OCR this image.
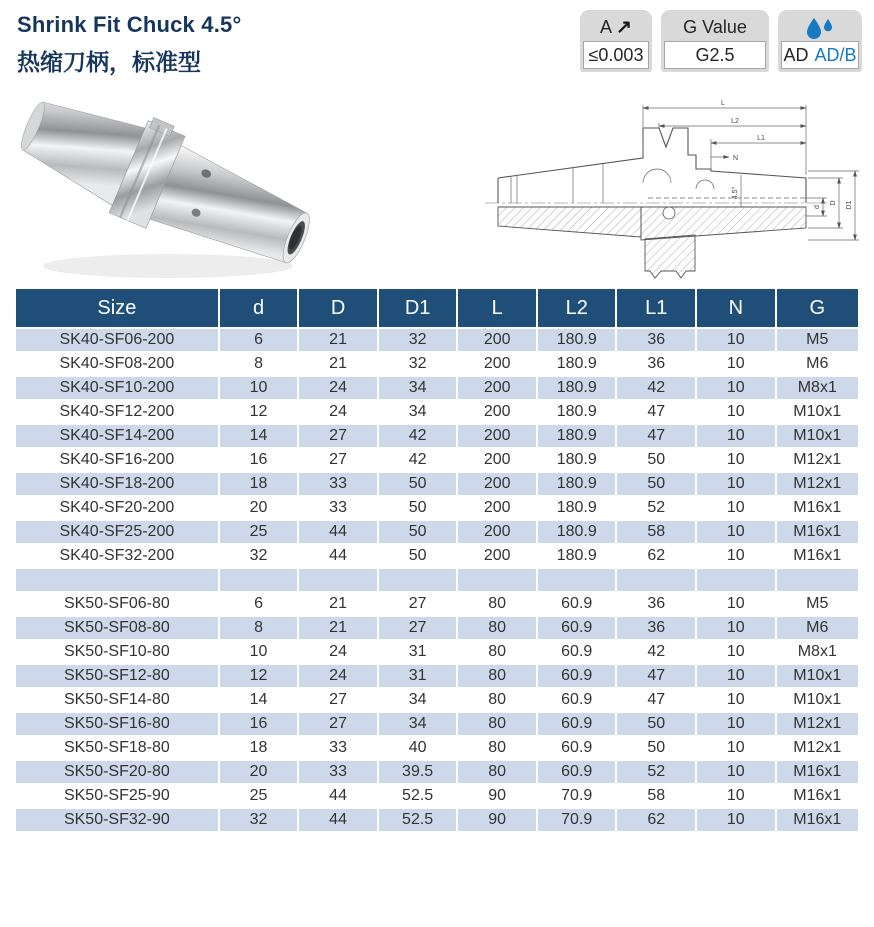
Shrink Fit Chuck 4.5°
热缩刀柄，标准型
A ↗
≤0.003
G Value
G2.5	AD AD/B
L
L2
L1
N
4.5°
d
D D1
Size	d	D	D1	L	L2	L1	N	G
SK40-SF06-200	6	21	32	200	180.9	36	10	M5
SK40-SF08-200	8	21	32	200	180.9	36	10	M6
SK40-SF10-200	10	24	34	200	180.9	42	10	M8x1
SK40-SF12-200	12	24	34	200	180.9	47	10	M10x1
SK40-SF14-200	14	27	42	200	180.9	47	10	M10x1
SK40-SF16-200	16	27	42	200	180.9	50	10	M12x1
SK40-SF18-200	18	33	50	200	180.9	50	10	M12x1
SK40-SF20-200	20	33	50	200	180.9	52	10	M16x1
SK40-SF25-200	25	44	50	200	180.9	58	10	M16x1
SK40-SF32-200	32	44	50	200	180.9	62	10	M16x1

SK50-SF06-80	6	21	27	80	60.9	36	10	M5
SK50-SF08-80	8	21	27	80	60.9	36	10	M6
SK50-SF10-80	10	24	31	80	60.9	42	10	M8x1
SK50-SF12-80	12	24	31	80	60.9	47	10	M10x1
SK50-SF14-80	14	27	34	80	60.9	47	10	M10x1
SK50-SF16-80	16	27	34	80	60.9	50	10	M12x1
SK50-SF18-80	18	33	40	80	60.9	50	10	M12x1
SK50-SF20-80	20	33	39.5	80	60.9	52	10	M16x1
SK50-SF25-90	25	44	52.5	90	70.9	58	10	M16x1
SK50-SF32-90	32	44	52.5	90	70.9	62	10	M16x1
